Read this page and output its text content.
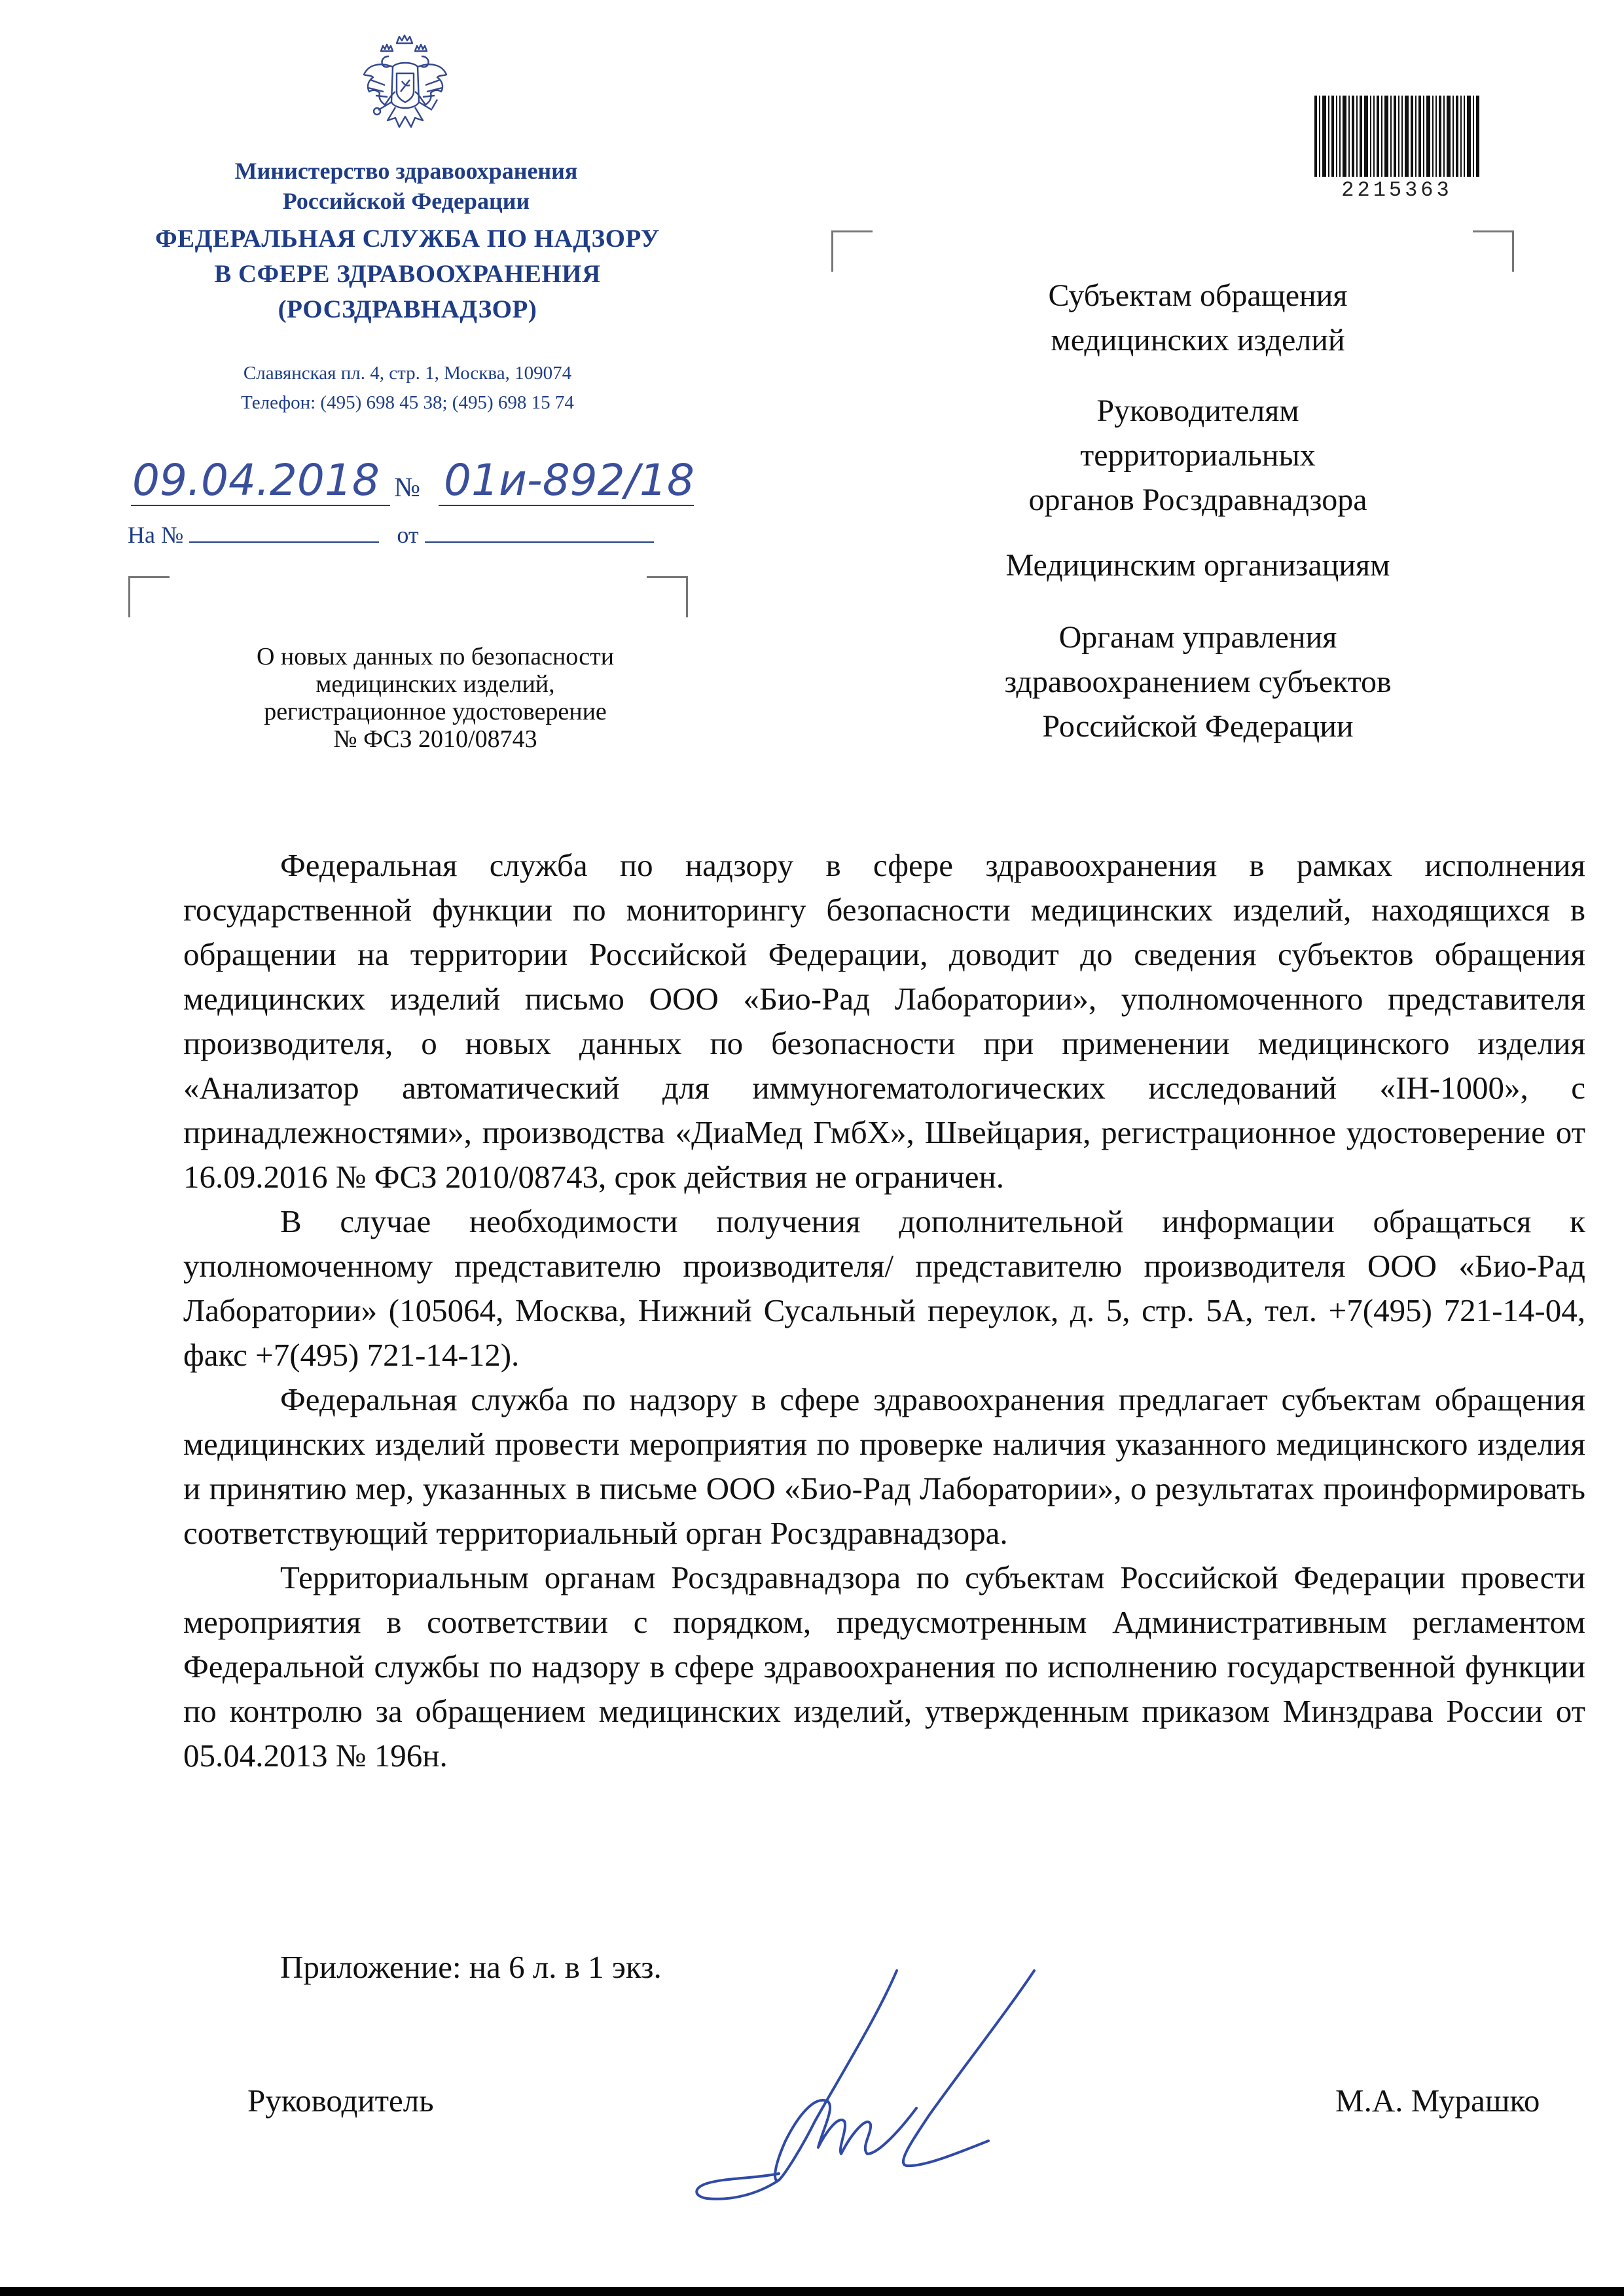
Министерство здравоохранения
Российской Федерации
ФЕДЕРАЛЬНАЯ СЛУЖБА ПО НАДЗОРУ
В СФЕРЕ ЗДРАВООХРАНЕНИЯ
(РОСЗДРАВНАДЗОР)
Славянская пл. 4, стр. 1, Москва, 109074
Телефон: (495) 698 45 38; (495) 698 15 74
09.04.2018 № 01и-892/18
На №	от
2215363
О новых данных по безопасности
медицинских изделий,
регистрационное удостоверение
№ ФСЗ 2010/08743
Субъектам обращения
медицинских изделий
Руководителям
территориальных
органов Росздравнадзора
Медицинским организациям
Органам управления
здравоохранением субъектов
Российской Федерации

Федеральная служба по надзору в сфере здравоохранения в рамках исполнения государственной функции по мониторингу безопасности медицинских изделий, находящихся в обращении на территории Российской Федерации, доводит до сведения субъектов обращения медицинских изделий письмо ООО «Био-Рад Лаборатории», уполномоченного представителя производителя, о новых данных по безопасности при применении медицинского изделия «Анализатор автоматический для иммуногематологических исследований «IH-1000», с принадлежностями», производства «ДиаМед ГмбХ», Швейцария, регистрационное удостоверение от 16.09.2016 № ФСЗ 2010/08743, срок действия не ограничен.

В случае необходимости получения дополнительной информации обращаться к уполномоченному представителю производителя/ представителю производителя ООО «Био-Рад Лаборатории» (105064, Москва, Нижний Сусальный переулок, д. 5, стр. 5А, тел. +7(495) 721-14-04, факс +7(495) 721-14-12).

Федеральная служба по надзору в сфере здравоохранения предлагает субъектам обращения медицинских изделий провести мероприятия по проверке наличия указанного медицинского изделия и принятию мер, указанных в письме ООО «Био-Рад Лаборатории», о результатах проинформировать соответствующий территориальный орган Росздравнадзора.

Территориальным органам Росздравнадзора по субъектам Российской Федерации провести мероприятия в соответствии с порядком, предусмотренным Административным регламентом Федеральной службы по надзору в сфере здравоохранения по исполнению государственной функции по контролю за обращением медицинских изделий, утвержденным приказом Минздрава России от 05.04.2013 № 196н.

Приложение: на 6 л. в 1 экз.
Руководитель	М.А. Мурашко
